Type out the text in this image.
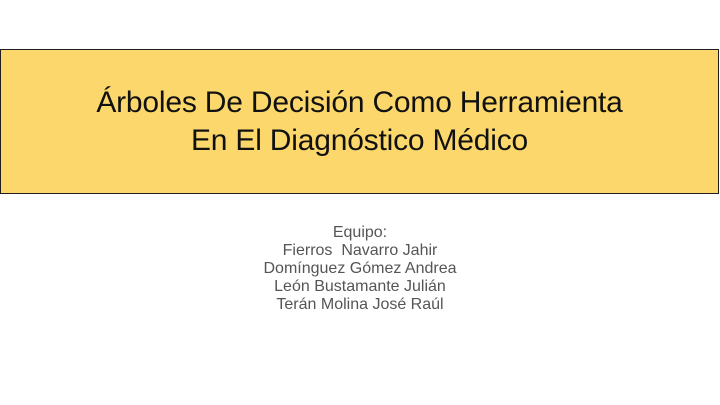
Árboles De Decisión Como Herramienta
En El Diagnóstico Médico
Equipo:
Fierros  Navarro Jahir
Domínguez Gómez Andrea
León Bustamante Julián
Terán Molina José Raúl
